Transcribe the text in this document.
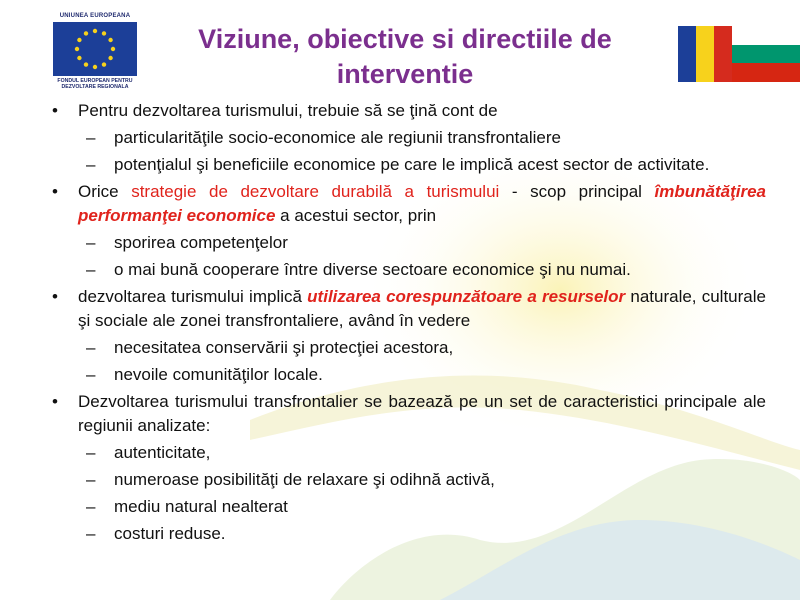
UNIUNEA EUROPEANA
FONDUL EUROPEAN PENTRU DEZVOLTARE REGIONALA
Viziune, obiective si directiile de interventie
• Pentru dezvoltarea turismului, trebuie să se ţină cont de
– particularităţile socio-economice ale regiunii transfrontaliere
– potenţialul şi beneficiile economice pe care le implică acest sector de activitate.
• Orice strategie de dezvoltare durabilă a turismului - scop principal îmbunătăţirea performanţei economice a acestui sector, prin
– sporirea competenţelor
– o mai bună cooperare între diverse sectoare economice şi nu numai.
• dezvoltarea turismului implică utilizarea corespunzătoare a resurselor naturale, culturale şi sociale ale zonei transfrontaliere, având în vedere
– necesitatea conservării şi protecţiei acestora,
– nevoile comunităţilor locale.
• Dezvoltarea turismului transfrontalier se bazează pe un set de caracteristici principale ale regiunii analizate:
– autenticitate,
– numeroase posibilităţi de relaxare şi odihnă activă,
– mediu natural nealterat
– costuri reduse.
